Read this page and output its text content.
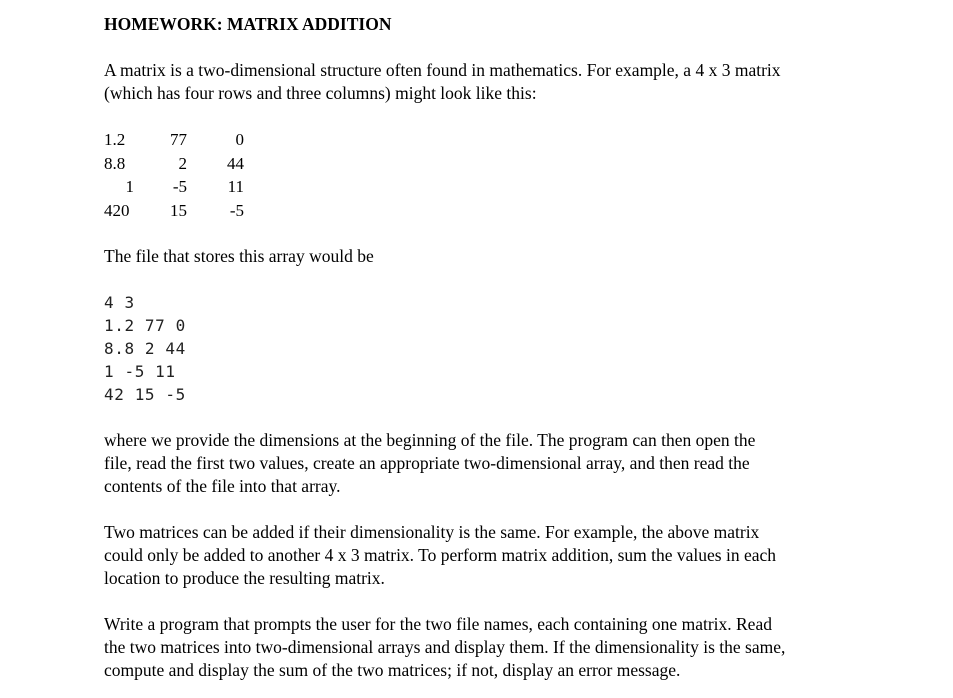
HOMEWORK: MATRIX ADDITION
A matrix is a two-dimensional structure often found in mathematics. For example, a 4 x 3 matrix
(which has four rows and three columns) might look like this:
1.2	77	0
8.8	2	44
1	-5	11
420	15	-5
The file that stores this array would be
4 3
1.2 77 0
8.8 2 44
1 -5 11
42 15 -5
where we provide the dimensions at the beginning of the file. The program can then open the
file, read the first two values, create an appropriate two-dimensional array, and then read the
contents of the file into that array.
Two matrices can be added if their dimensionality is the same. For example, the above matrix
could only be added to another 4 x 3 matrix. To perform matrix addition, sum the values in each
location to produce the resulting matrix.
Write a program that prompts the user for the two file names, each containing one matrix. Read
the two matrices into two-dimensional arrays and display them. If the dimensionality is the same,
compute and display the sum of the two matrices; if not, display an error message.
